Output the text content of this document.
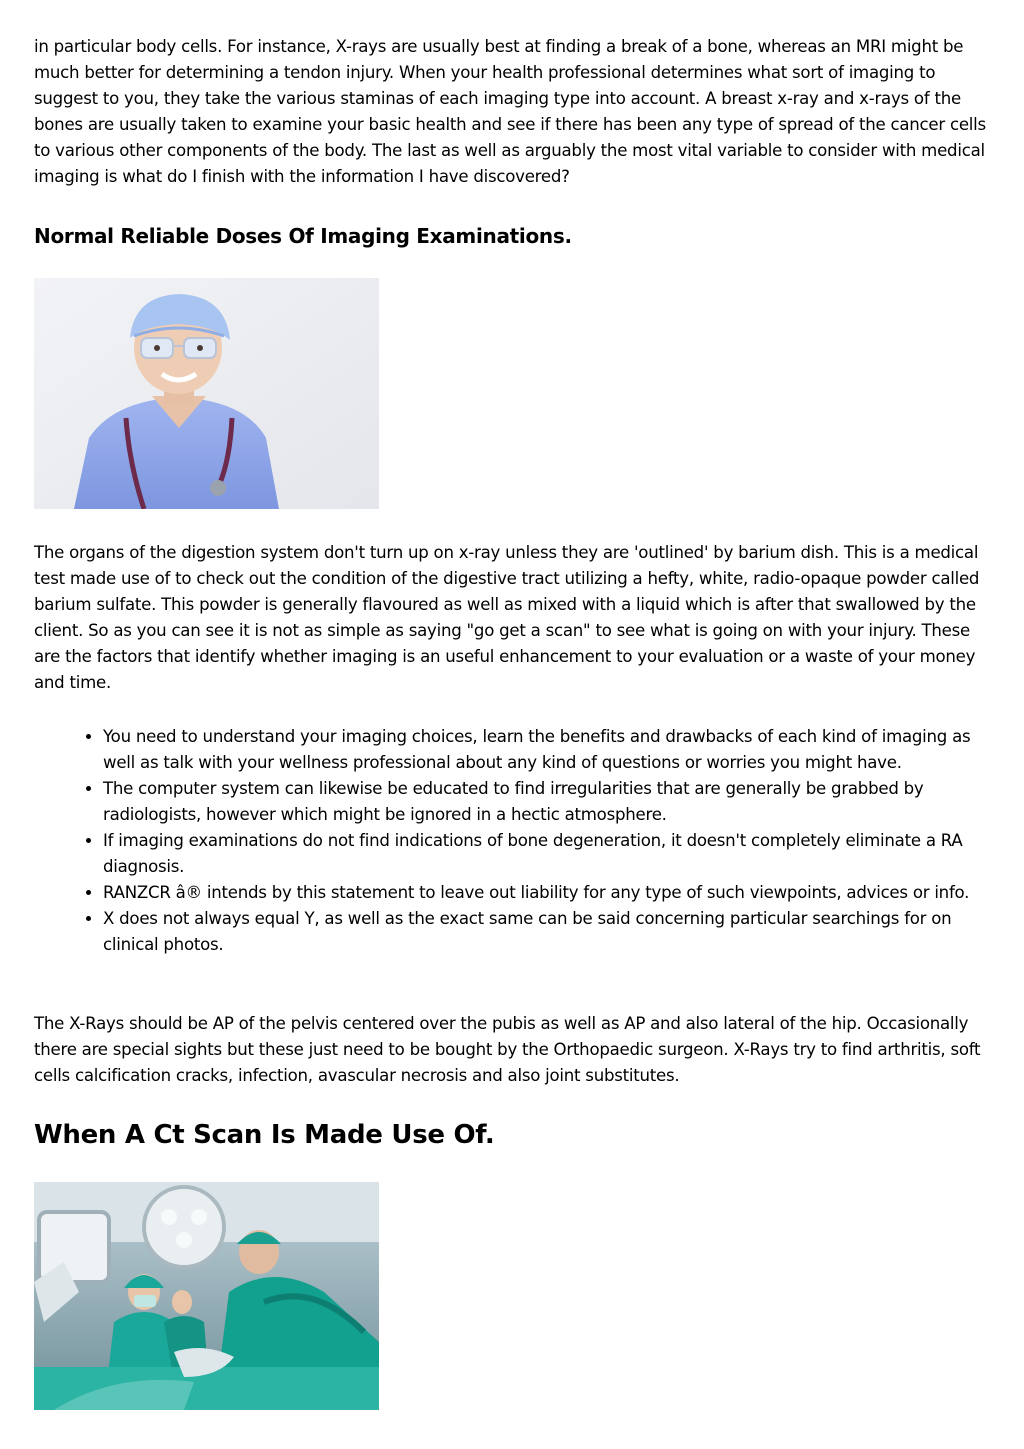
in particular body cells. For instance, X-rays are usually best at finding a break of a bone, whereas an MRI might be much better for determining a tendon injury. When your health professional determines what sort of imaging to suggest to you, they take the various staminas of each imaging type into account. A breast x-ray and x-rays of the bones are usually taken to examine your basic health and see if there has been any type of spread of the cancer cells to various other components of the body. The last as well as arguably the most vital variable to consider with medical imaging is what do I finish with the information I have discovered?

Normal Reliable Doses Of Imaging Examinations.

The organs of the digestion system don't turn up on x-ray unless they are 'outlined' by barium dish. This is a medical test made use of to check out the condition of the digestive tract utilizing a hefty, white, radio-opaque powder called barium sulfate. This powder is generally flavoured as well as mixed with a liquid which is after that swallowed by the client. So as you can see it is not as simple as saying "go get a scan" to see what is going on with your injury. These are the factors that identify whether imaging is an useful enhancement to your evaluation or a waste of your money and time.

• You need to understand your imaging choices, learn the benefits and drawbacks of each kind of imaging as well as talk with your wellness professional about any kind of questions or worries you might have.
• The computer system can likewise be educated to find irregularities that are generally be grabbed by radiologists, however which might be ignored in a hectic atmosphere.
• If imaging examinations do not find indications of bone degeneration, it doesn't completely eliminate a RA diagnosis.
• RANZCR â® intends by this statement to leave out liability for any type of such viewpoints, advices or info.
• X does not always equal Y, as well as the exact same can be said concerning particular searchings for on clinical photos.

The X-Rays should be AP of the pelvis centered over the pubis as well as AP and also lateral of the hip. Occasionally there are special sights but these just need to be bought by the Orthopaedic surgeon. X-Rays try to find arthritis, soft cells calcification cracks, infection, avascular necrosis and also joint substitutes.

When A Ct Scan Is Made Use Of.
